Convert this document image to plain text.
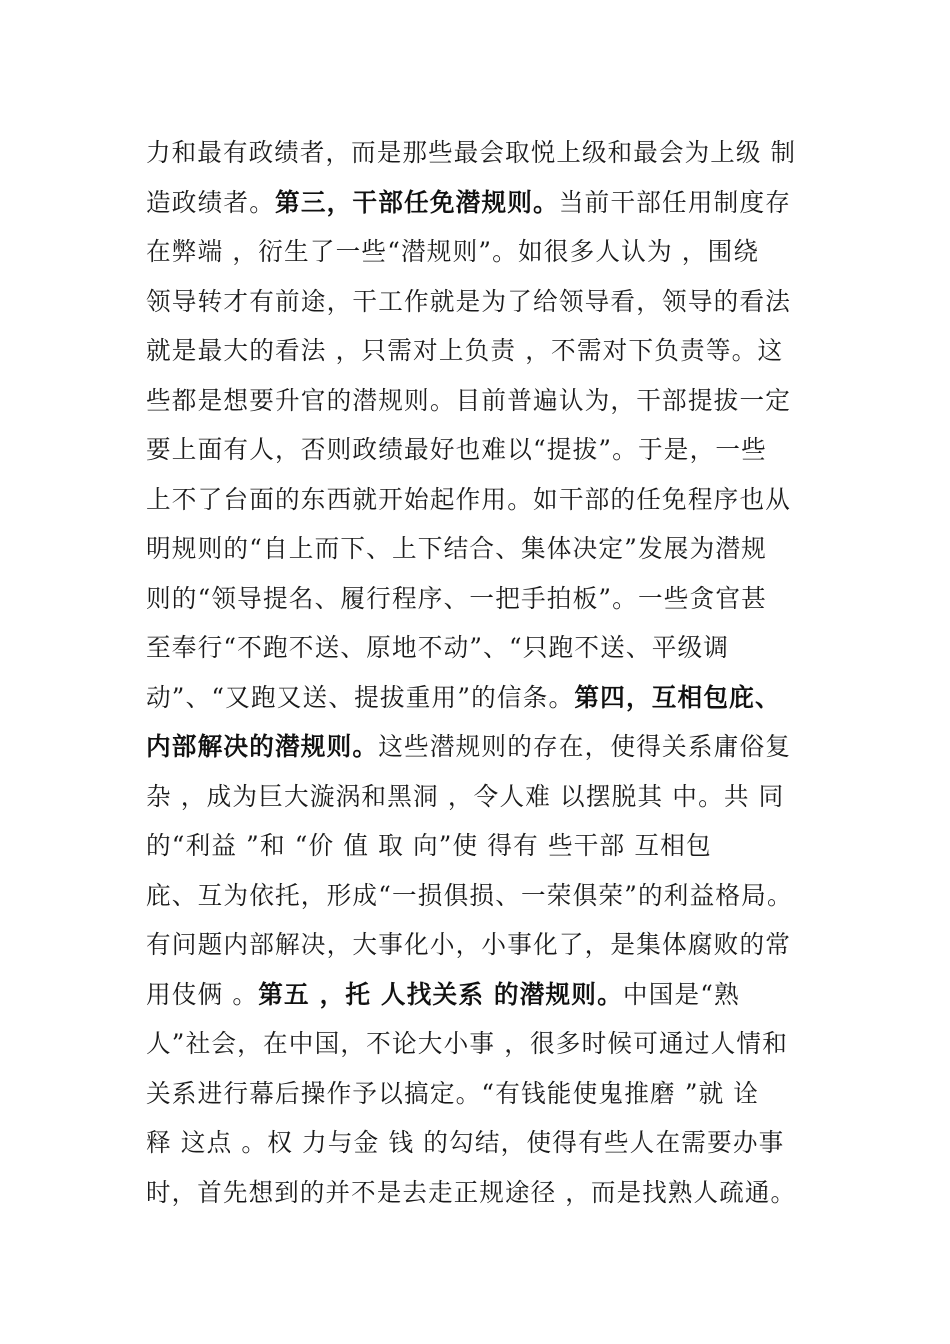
力和最有政绩者，而是那些最会取悦上级和最会为上级 制
造政绩者。第三，干部任免潜规则。当前干部任用制度存
在弊端 ，衍生了一些“潜规则”。如很多人认为 ，围绕
领导转才有前途，干工作就是为了给领导看，领导的看法
就是最大的看法 ，只需对上负责 ，不需对下负责等。这
些都是想要升官的潜规则。目前普遍认为，干部提拔一定
要上面有人，否则政绩最好也难以“提拔”。于是，一些
上不了台面的东西就开始起作用。如干部的任免程序也从
明规则的“自上而下、上下结合、集体决定”发展为潜规
则的“领导提名、履行程序、一把手拍板”。一些贪官甚
至奉行“不跑不送、原地不动”、“只跑不送、平级调
动”、“又跑又送、提拔重用”的信条。第四，互相包庇、
内部解决的潜规则。这些潜规则的存在，使得关系庸俗复
杂 ，成为巨大漩涡和黑洞 ，令人难 以摆脱其 中。共 同
的“利益 ”和 “价 值 取 向”使 得有 些干部 互相包
庇、互为依托，形成“一损俱损、一荣俱荣”的利益格局。
有问题内部解决，大事化小，小事化了，是集体腐败的常
用伎俩 。第五 ，托 人找关系 的潜规则。中国是“熟
人”社会，在中国，不论大小事 ，很多时候可通过人情和
关系进行幕后操作予以搞定。“有钱能使鬼推磨 ”就 诠
释 这点 。权 力与金 钱 的勾结，使得有些人在需要办事
时，首先想到的并不是去走正规途径 ，而是找熟人疏通。
